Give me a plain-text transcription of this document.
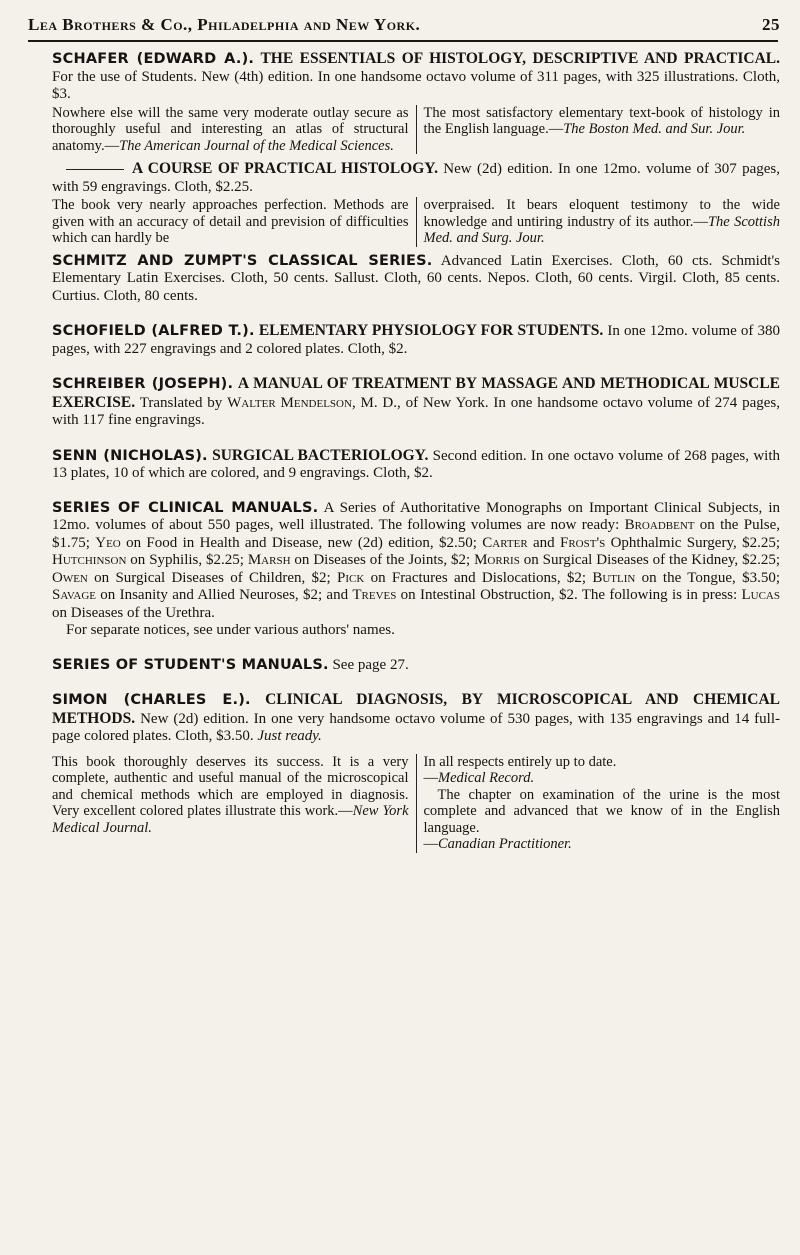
Lea Brothers & Co., Philadelphia and New York.	25

SCHAFER (EDWARD A.). THE ESSENTIALS OF HISTOLOGY, DESCRIPTIVE AND PRACTICAL. For the use of Students. New (4th) edition. In one handsome octavo volume of 311 pages, with 325 illustrations. Cloth, $3.

Nowhere else will the same very moderate outlay secure as thoroughly useful and interesting an atlas of structural anatomy.—The American Journal of the Medical Sciences.
The most satisfactory elementary text-book of histology in the English language.—The Boston Med. and Sur. Jour.

A COURSE OF PRACTICAL HISTOLOGY. New (2d) edition. In one 12mo. volume of 307 pages, with 59 engravings. Cloth, $2.25.

The book very nearly approaches perfection. Methods are given with an accuracy of detail and prevision of difficulties which can hardly be
overpraised. It bears eloquent testimony to the wide knowledge and untiring industry of its author.—The Scottish Med. and Surg. Jour.

SCHMITZ AND ZUMPT'S CLASSICAL SERIES. Advanced Latin Exercises. Cloth, 60 cts. Schmidt's Elementary Latin Exercises. Cloth, 50 cents. Sallust. Cloth, 60 cents. Nepos. Cloth, 60 cents. Virgil. Cloth, 85 cents. Curtius. Cloth, 80 cents.

SCHOFIELD (ALFRED T.). ELEMENTARY PHYSIOLOGY FOR STUDENTS. In one 12mo. volume of 380 pages, with 227 engravings and 2 colored plates. Cloth, $2.

SCHREIBER (JOSEPH). A MANUAL OF TREATMENT BY MASSAGE AND METHODICAL MUSCLE EXERCISE. Translated by Walter Mendelson, M. D., of New York. In one handsome octavo volume of 274 pages, with 117 fine engravings.

SENN (NICHOLAS). SURGICAL BACTERIOLOGY. Second edition. In one octavo volume of 268 pages, with 13 plates, 10 of which are colored, and 9 engravings. Cloth, $2.

SERIES OF CLINICAL MANUALS. A Series of Authoritative Monographs on Important Clinical Subjects, in 12mo. volumes of about 550 pages, well illustrated. The following volumes are now ready: Broadbent on the Pulse, $1.75; Yeo on Food in Health and Disease, new (2d) edition, $2.50; Carter and Frost's Ophthalmic Surgery, $2.25; Hutchinson on Syphilis, $2.25; Marsh on Diseases of the Joints, $2; Morris on Surgical Diseases of the Kidney, $2.25; Owen on Surgical Diseases of Children, $2; Pick on Fractures and Dislocations, $2; Butlin on the Tongue, $3.50; Savage on Insanity and Allied Neuroses, $2; and Treves on Intestinal Obstruction, $2. The following is in press: Lucas on Diseases of the Urethra.

For separate notices, see under various authors' names.

SERIES OF STUDENT'S MANUALS. See page 27.

SIMON (CHARLES E.). CLINICAL DIAGNOSIS, BY MICROSCOPICAL AND CHEMICAL METHODS. New (2d) edition. In one very handsome octavo volume of 530 pages, with 135 engravings and 14 full-page colored plates. Cloth, $3.50. Just ready.

This book thoroughly deserves its success. It is a very complete, authentic and useful manual of the microscopical and chemical methods which are employed in diagnosis. Very excellent colored plates illustrate this work.—New York Medical Journal.
In all respects entirely up to date.
—Medical Record.
The chapter on examination of the urine is the most complete and advanced that we know of in the English language.—Canadian Practitioner.
